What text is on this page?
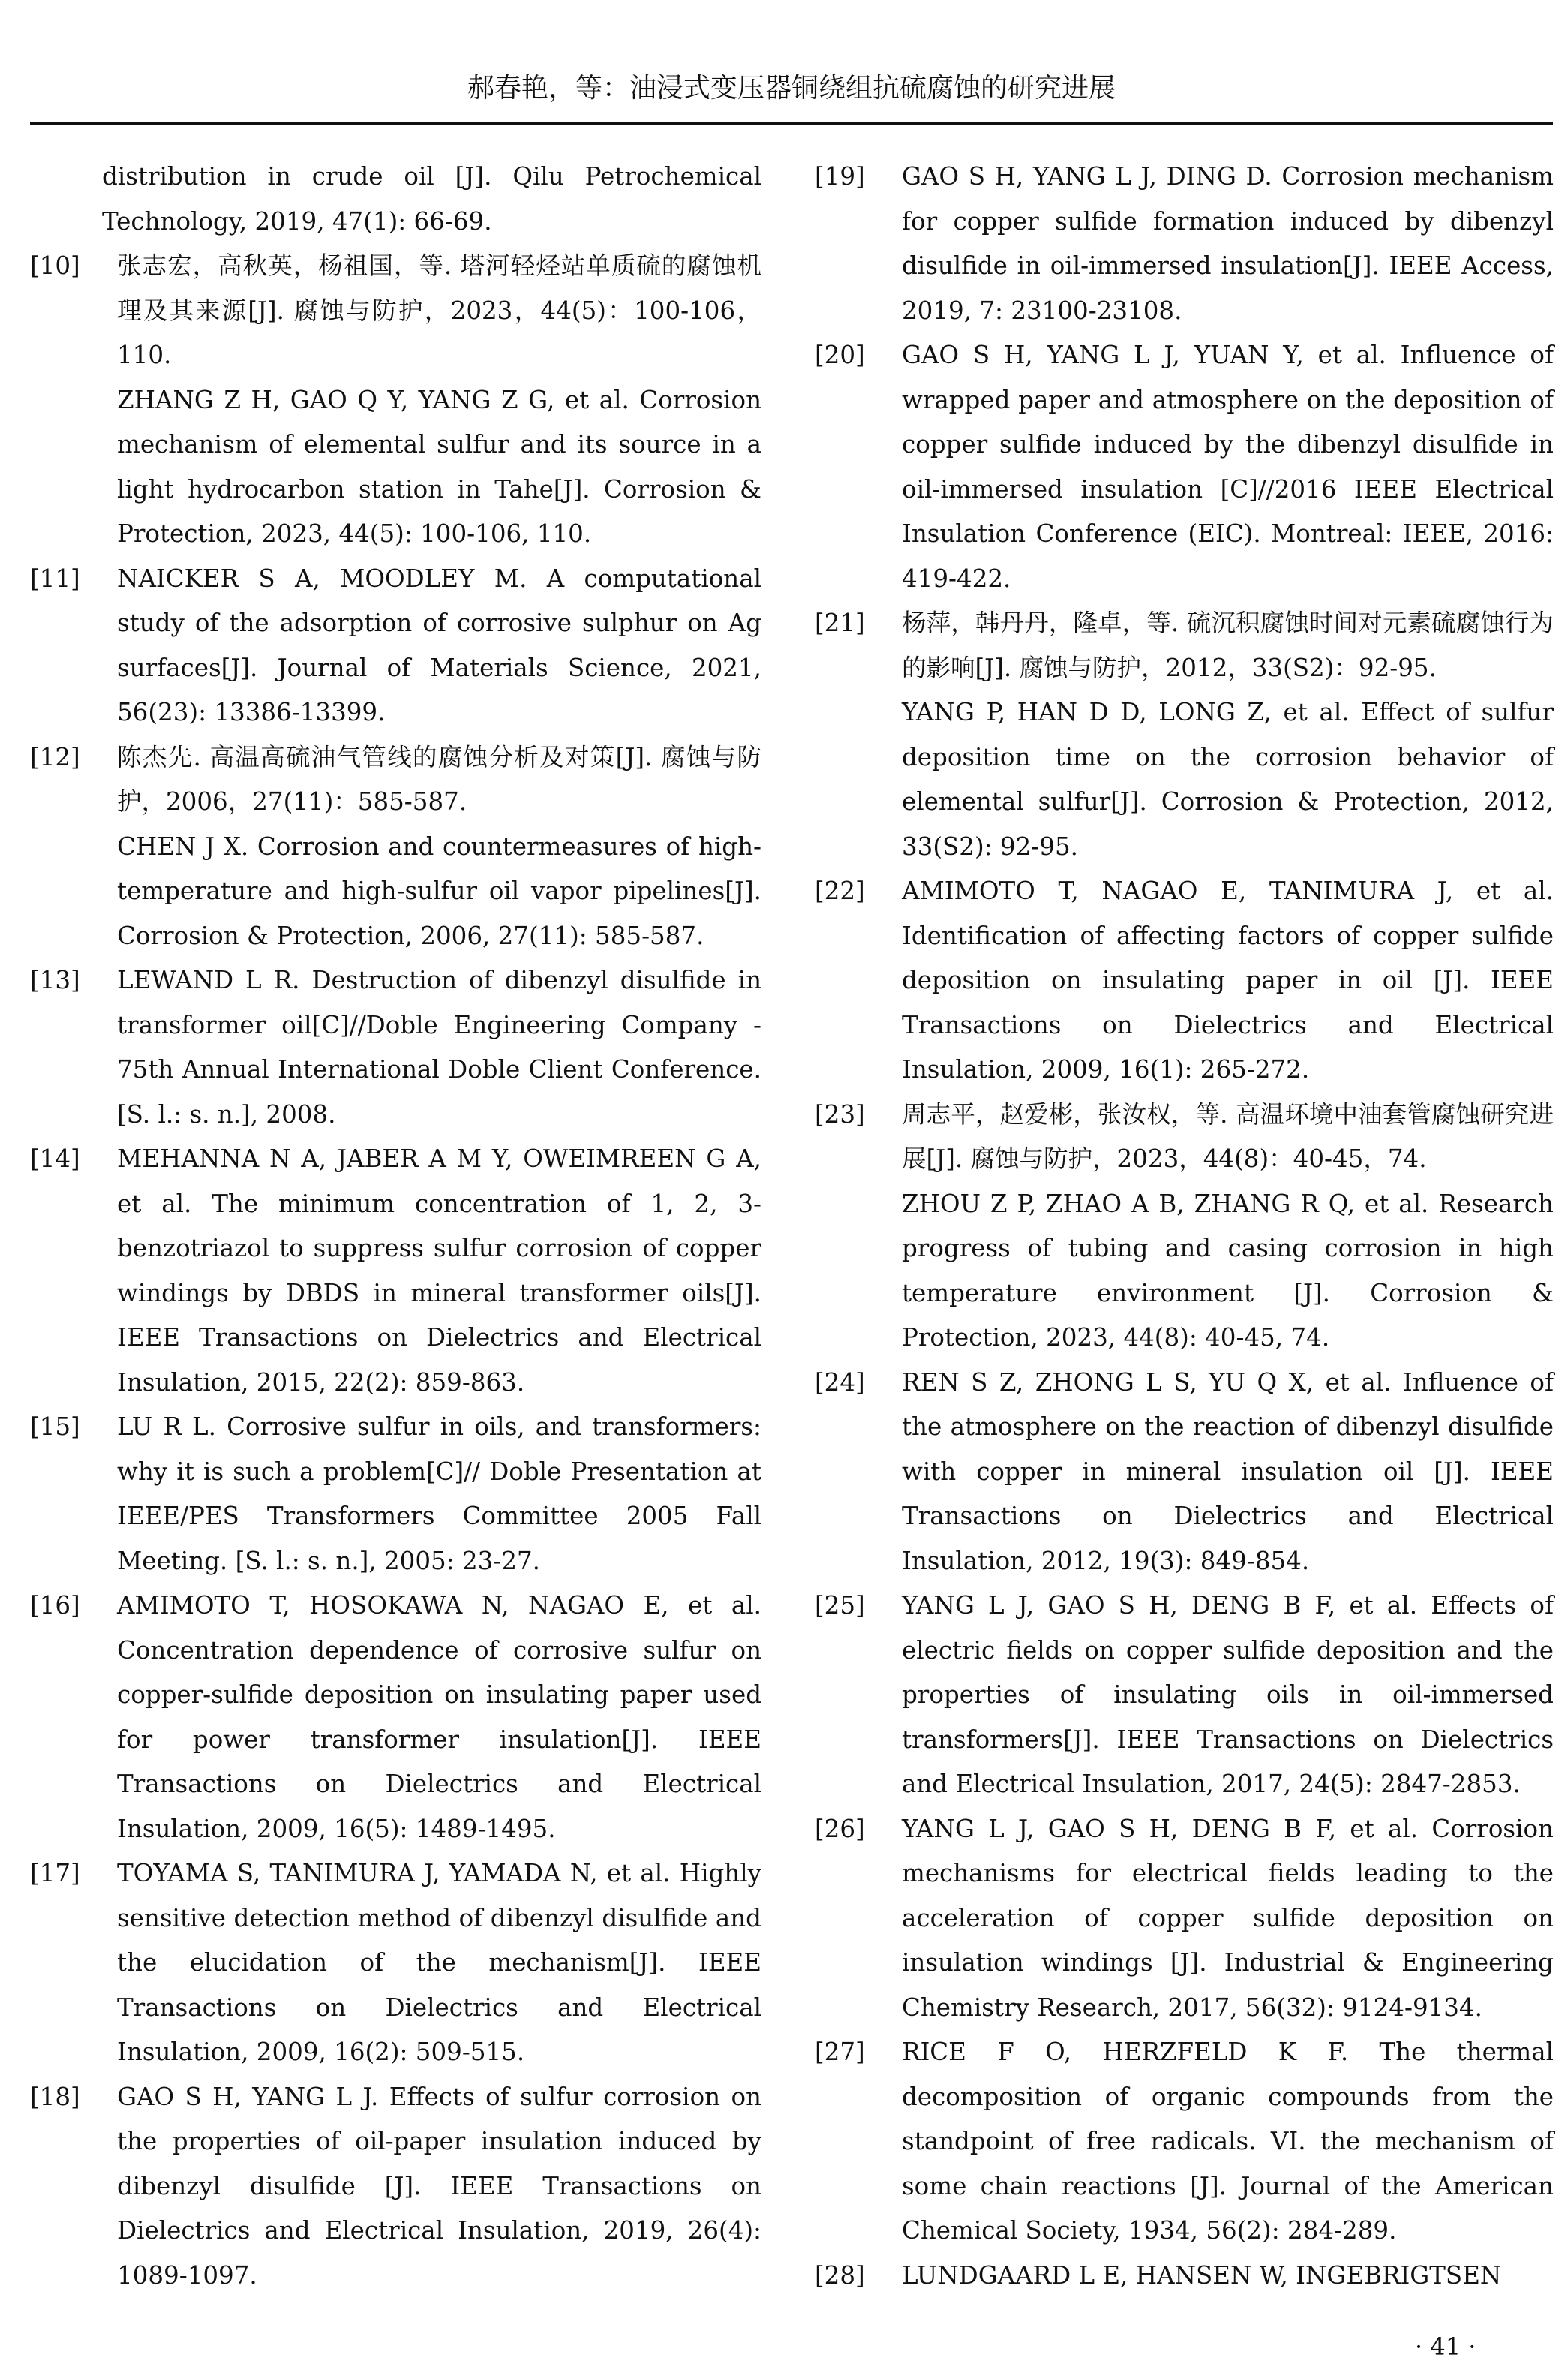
郝春艳，等：油浸式变压器铜绕组抗硫腐蚀的研究进展
distribution in crude oil [J]. Qilu Petrochemical Technology, 2019, 47(1): 66-69.
[10]	张志宏，高秋英，杨祖国，等. 塔河轻烃站单质硫的腐蚀机理及其来源[J]. 腐蚀与防护，2023，44(5)：100-106，110.
ZHANG Z H, GAO Q Y, YANG Z G, et al. Corrosion mechanism of elemental sulfur and its source in a light hydrocarbon station in Tahe[J]. Corrosion & Protection, 2023, 44(5): 100-106, 110.
[11]	NAICKER S A, MOODLEY M. A computational study of the adsorption of corrosive sulphur on Ag surfaces[J]. Journal of Materials Science, 2021, 56(23): 13386-13399.
[12]	陈杰先. 高温高硫油气管线的腐蚀分析及对策[J]. 腐蚀与防护，2006，27(11)：585-587.
CHEN J X. Corrosion and countermeasures of high-temperature and high-sulfur oil vapor pipelines[J]. Corrosion & Protection, 2006, 27(11): 585-587.
[13]	LEWAND L R. Destruction of dibenzyl disulfide in transformer oil[C]//Doble Engineering Company - 75th Annual International Doble Client Conference. [S. l.: s. n.], 2008.
[14]	MEHANNA N A, JABER A M Y, OWEIMREEN G A, et al. The minimum concentration of 1, 2, 3-benzotriazol to suppress sulfur corrosion of copper windings by DBDS in mineral transformer oils[J]. IEEE Transactions on Dielectrics and Electrical Insulation, 2015, 22(2): 859-863.
[15]	LU R L. Corrosive sulfur in oils, and transformers: why it is such a problem[C]// Doble Presentation at IEEE/PES Transformers Committee 2005 Fall Meeting. [S. l.: s. n.], 2005: 23-27.
[16]	AMIMOTO T, HOSOKAWA N, NAGAO E, et al. Concentration dependence of corrosive sulfur on copper-sulfide deposition on insulating paper used for power transformer insulation[J]. IEEE Transactions on Dielectrics and Electrical Insulation, 2009, 16(5): 1489-1495.
[17]	TOYAMA S, TANIMURA J, YAMADA N, et al. Highly sensitive detection method of dibenzyl disulfide and the elucidation of the mechanism[J]. IEEE Transactions on Dielectrics and Electrical Insulation, 2009, 16(2): 509-515.
[18]	GAO S H, YANG L J. Effects of sulfur corrosion on the properties of oil-paper insulation induced by dibenzyl disulfide [J]. IEEE Transactions on Dielectrics and Electrical Insulation, 2019, 26(4): 1089-1097.
[19]	GAO S H, YANG L J, DING D. Corrosion mechanism for copper sulfide formation induced by dibenzyl disulfide in oil-immersed insulation[J]. IEEE Access, 2019, 7: 23100-23108.
[20]	GAO S H, YANG L J, YUAN Y, et al. Influence of wrapped paper and atmosphere on the deposition of copper sulfide induced by the dibenzyl disulfide in oil-immersed insulation [C]//2016 IEEE Electrical Insulation Conference (EIC). Montreal: IEEE, 2016: 419-422.
[21]	杨萍，韩丹丹，隆卓，等. 硫沉积腐蚀时间对元素硫腐蚀行为的影响[J]. 腐蚀与防护，2012，33(S2)：92-95.
YANG P, HAN D D, LONG Z, et al. Effect of sulfur deposition time on the corrosion behavior of elemental sulfur[J]. Corrosion & Protection, 2012, 33(S2): 92-95.
[22]	AMIMOTO T, NAGAO E, TANIMURA J, et al. Identification of affecting factors of copper sulfide deposition on insulating paper in oil [J]. IEEE Transactions on Dielectrics and Electrical Insulation, 2009, 16(1): 265-272.
[23]	周志平，赵爱彬，张汝权，等. 高温环境中油套管腐蚀研究进展[J]. 腐蚀与防护，2023，44(8)：40-45，74.
ZHOU Z P, ZHAO A B, ZHANG R Q, et al. Research progress of tubing and casing corrosion in high temperature environment [J]. Corrosion & Protection, 2023, 44(8): 40-45, 74.
[24]	REN S Z, ZHONG L S, YU Q X, et al. Influence of the atmosphere on the reaction of dibenzyl disulfide with copper in mineral insulation oil [J]. IEEE Transactions on Dielectrics and Electrical Insulation, 2012, 19(3): 849-854.
[25]	YANG L J, GAO S H, DENG B F, et al. Effects of electric fields on copper sulfide deposition and the properties of insulating oils in oil-immersed transformers[J]. IEEE Transactions on Dielectrics and Electrical Insulation, 2017, 24(5): 2847-2853.
[26]	YANG L J, GAO S H, DENG B F, et al. Corrosion mechanisms for electrical fields leading to the acceleration of copper sulfide deposition on insulation windings [J]. Industrial & Engineering Chemistry Research, 2017, 56(32): 9124-9134.
[27]	RICE F O, HERZFELD K F. The thermal decomposition of organic compounds from the standpoint of free radicals. VI. the mechanism of some chain reactions [J]. Journal of the American Chemical Society, 1934, 56(2): 284-289.
[28]	LUNDGAARD L E, HANSEN W, INGEBRIGTSEN
· 41 ·
